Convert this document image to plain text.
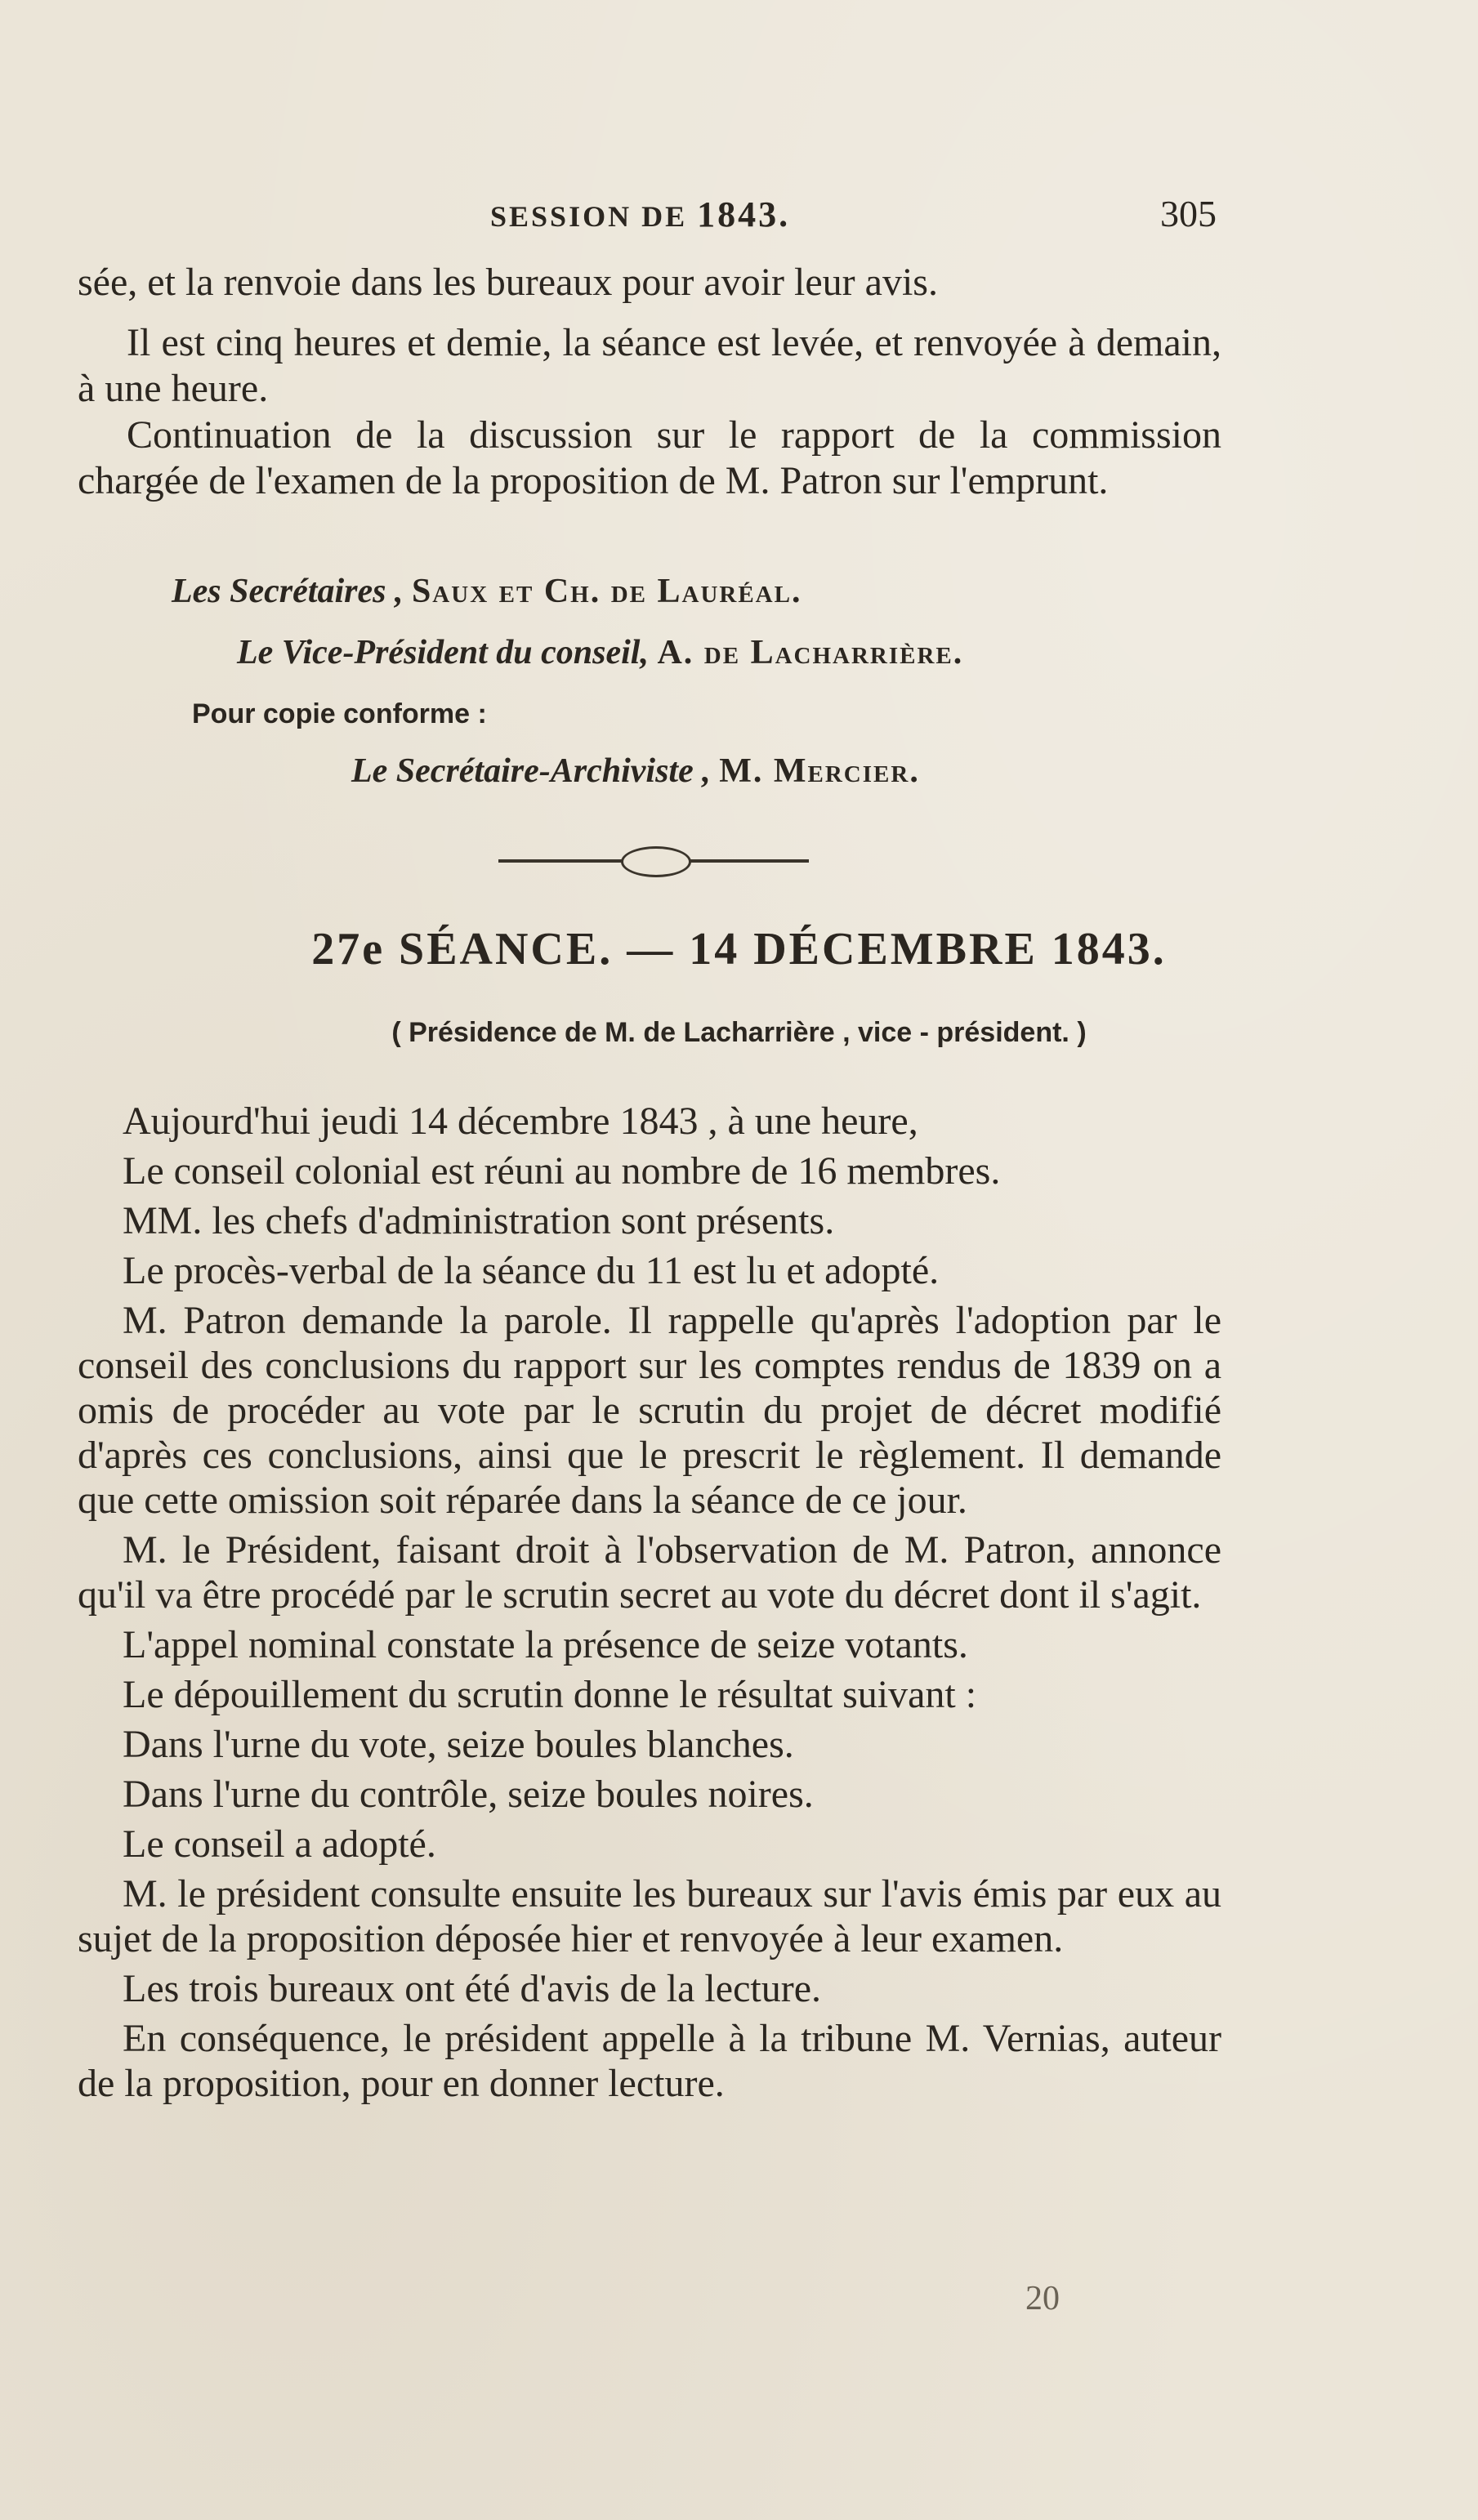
SESSION DE 1843.	305
sée, et la renvoie dans les bureaux pour avoir leur avis.
Il est cinq heures et demie, la séance est levée, et renvoyée à demain, à une heure.
Continuation de la discussion sur le rapport de la commission chargée de l'examen de la proposition de M. Patron sur l'emprunt.
Les Secrétaires , Saux et Ch. de Lauréal.
Le Vice-Président du conseil, A. de Lacharrière.
Pour copie conforme :
Le Secrétaire-Archiviste , M. Mercier.
27e SÉANCE. — 14 DÉCEMBRE 1843.
( Présidence de M. de Lacharrière , vice - président. )

Aujourd'hui jeudi 14 décembre 1843 , à une heure,

Le conseil colonial est réuni au nombre de 16 membres.

MM. les chefs d'administration sont présents.

Le procès-verbal de la séance du 11 est lu et adopté.

M. Patron demande la parole. Il rappelle qu'après l'adoption par le conseil des conclusions du rapport sur les comptes rendus de 1839 on a omis de procéder au vote par le scrutin du projet de décret modifié d'après ces conclusions, ainsi que le prescrit le règlement. Il demande que cette omission soit réparée dans la séance de ce jour.

M. le Président, faisant droit à l'observation de M. Patron, annonce qu'il va être procédé par le scrutin secret au vote du décret dont il s'agit.

L'appel nominal constate la présence de seize votants.

Le dépouillement du scrutin donne le résultat suivant :

Dans l'urne du vote, seize boules blanches.

Dans l'urne du contrôle, seize boules noires.

Le conseil a adopté.

M. le président consulte ensuite les bureaux sur l'avis émis par eux au sujet de la proposition déposée hier et renvoyée à leur examen.

Les trois bureaux ont été d'avis de la lecture.

En conséquence, le président appelle à la tribune M. Vernias, auteur de la proposition, pour en donner lecture.

20
